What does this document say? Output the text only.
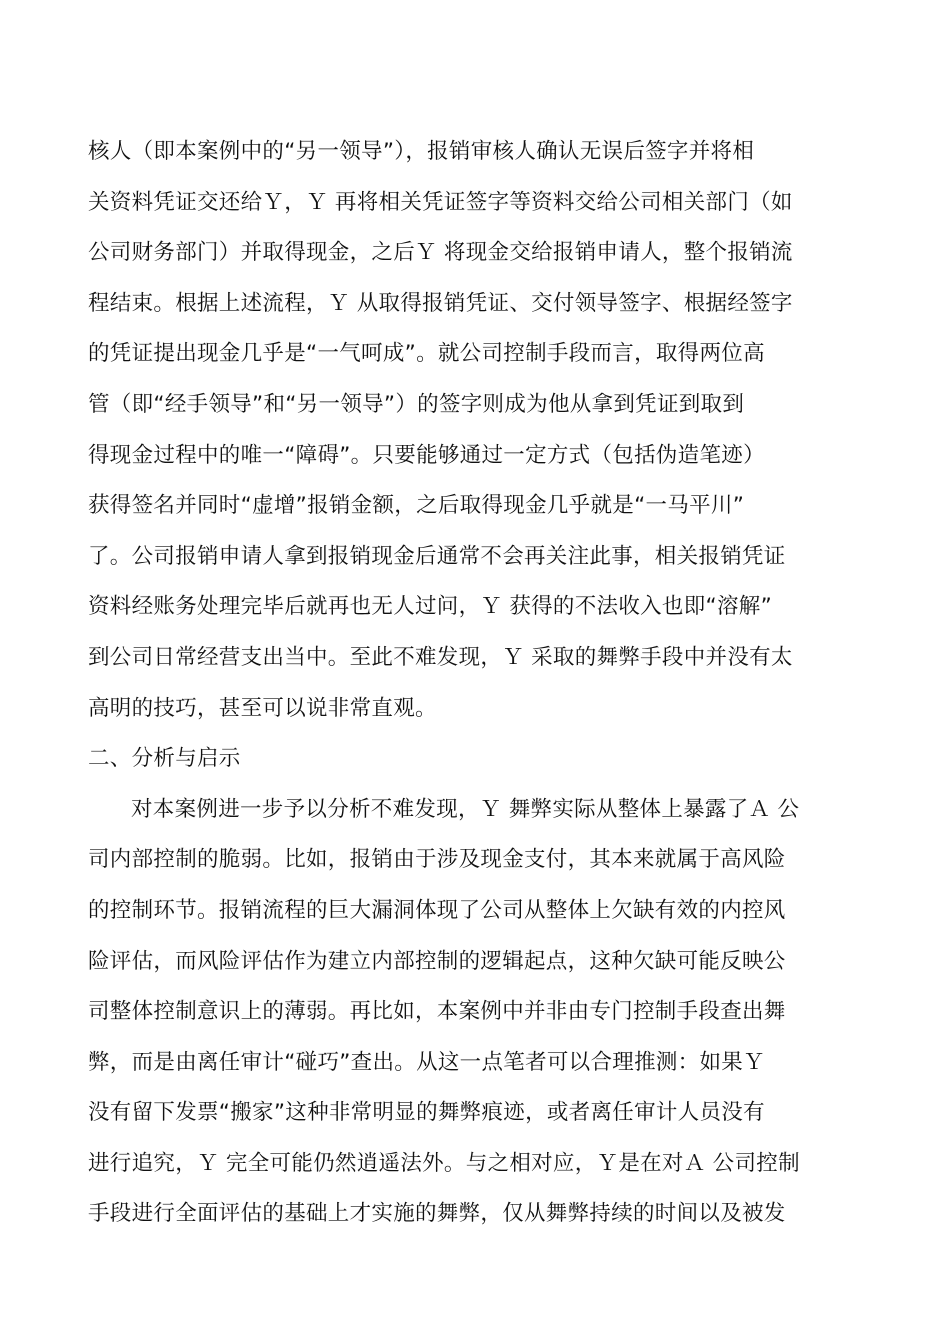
核人（即本案例中的“另一领导”），报销审核人确认无误后签字并将相
关资料凭证交还给Ｙ，Ｙ 再将相关凭证签字等资料交给公司相关部门（如
公司财务部门）并取得现金，之后Ｙ 将现金交给报销申请人，整个报销流
程结束。根据上述流程，Ｙ 从取得报销凭证、交付领导签字、根据经签字
的凭证提出现金几乎是“一气呵成”。就公司控制手段而言，取得两位高
管（即“经手领导”和“另一领导”）的签字则成为他从拿到凭证到取到
得现金过程中的唯一“障碍”。只要能够通过一定方式（包括伪造笔迹）
获得签名并同时“虚增”报销金额，之后取得现金几乎就是“一马平川”
了。公司报销申请人拿到报销现金后通常不会再关注此事，相关报销凭证
资料经账务处理完毕后就再也无人过问，Ｙ 获得的不法收入也即“溶解”
到公司日常经营支出当中。至此不难发现，Ｙ 采取的舞弊手段中并没有太
高明的技巧，甚至可以说非常直观。
二、分析与启示
对本案例进一步予以分析不难发现，Ｙ 舞弊实际从整体上暴露了Ａ 公
司内部控制的脆弱。比如，报销由于涉及现金支付，其本来就属于高风险
的控制环节。报销流程的巨大漏洞体现了公司从整体上欠缺有效的内控风
险评估，而风险评估作为建立内部控制的逻辑起点，这种欠缺可能反映公
司整体控制意识上的薄弱。再比如，本案例中并非由专门控制手段查出舞
弊，而是由离任审计“碰巧”查出。从这一点笔者可以合理推测：如果Ｙ
没有留下发票“搬家”这种非常明显的舞弊痕迹，或者离任审计人员没有
进行追究，Ｙ 完全可能仍然逍遥法外。与之相对应，Ｙ是在对Ａ 公司控制
手段进行全面评估的基础上才实施的舞弊，仅从舞弊持续的时间以及被发
